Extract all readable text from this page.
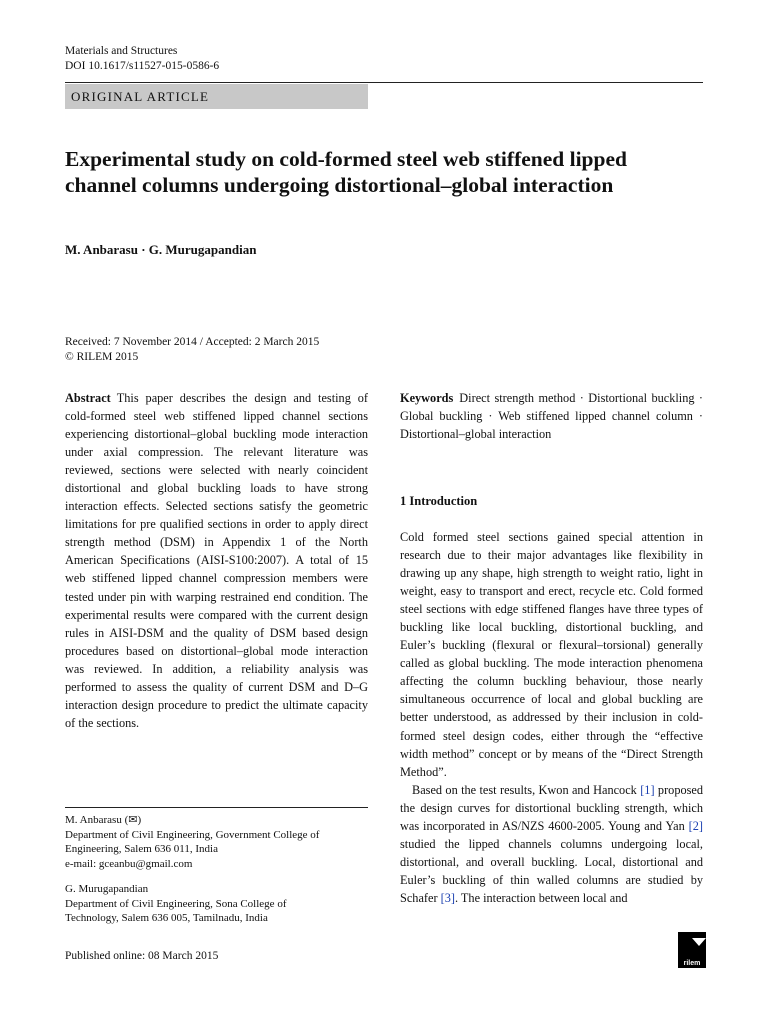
Materials and Structures
DOI 10.1617/s11527-015-0586-6
ORIGINAL ARTICLE
Experimental study on cold-formed steel web stiffened lipped channel columns undergoing distortional–global interaction
M. Anbarasu · G. Murugapandian
Received: 7 November 2014 / Accepted: 2 March 2015
© RILEM 2015

Abstract This paper describes the design and testing of cold-formed steel web stiffened lipped channel sections experiencing distortional–global buckling mode interaction under axial compression. The relevant literature was reviewed, sections were selected with nearly coincident distortional and global buckling loads to have strong interaction effects. Selected sections satisfy the geometric limitations for pre qualified sections in order to apply direct strength method (DSM) in Appendix 1 of the North American Specifications (AISI-S100:2007). A total of 15 web stiffened lipped channel compression members were tested under pin with warping restrained end condition. The experimental results were compared with the current design rules in AISI-DSM and the quality of DSM based design procedures based on distortional–global mode interaction was reviewed. In addition, a reliability analysis was performed to assess the quality of current DSM and D–G interaction design procedure to predict the ultimate capacity of the sections.

Keywords Direct strength method · Distortional buckling · Global buckling · Web stiffened lipped channel column · Distortional–global interaction

1 Introduction

Cold formed steel sections gained special attention in research due to their major advantages like flexibility in drawing up any shape, high strength to weight ratio, light in weight, easy to transport and erect, recycle etc. Cold formed steel sections with edge stiffened flanges have three types of buckling like local buckling, distortional buckling, and Euler’s buckling (flexural or flexural–torsional) generally called as global buckling. The mode interaction phenomena affecting the column buckling behaviour, those nearly simultaneous occurrence of local and global buckling are better understood, as addressed by their inclusion in cold-formed steel design codes, either through the “effective width method” concept or by means of the “Direct Strength Method”.

Based on the test results, Kwon and Hancock [1] proposed the design curves for distortional buckling strength, which was incorporated in AS/NZS 4600-2005. Young and Yan [2] studied the lipped channels columns undergoing local, distortional, and overall buckling. Local, distortional and Euler’s buckling of thin walled columns are studied by Schafer [3]. The interaction between local and

M. Anbarasu (✉)
Department of Civil Engineering, Government College of
Engineering, Salem 636 011, India
e-mail: gceanbu@gmail.com
G. Murugapandian
Department of Civil Engineering, Sona College of
Technology, Salem 636 005, Tamilnadu, India
Published online: 08 March 2015
rilem
